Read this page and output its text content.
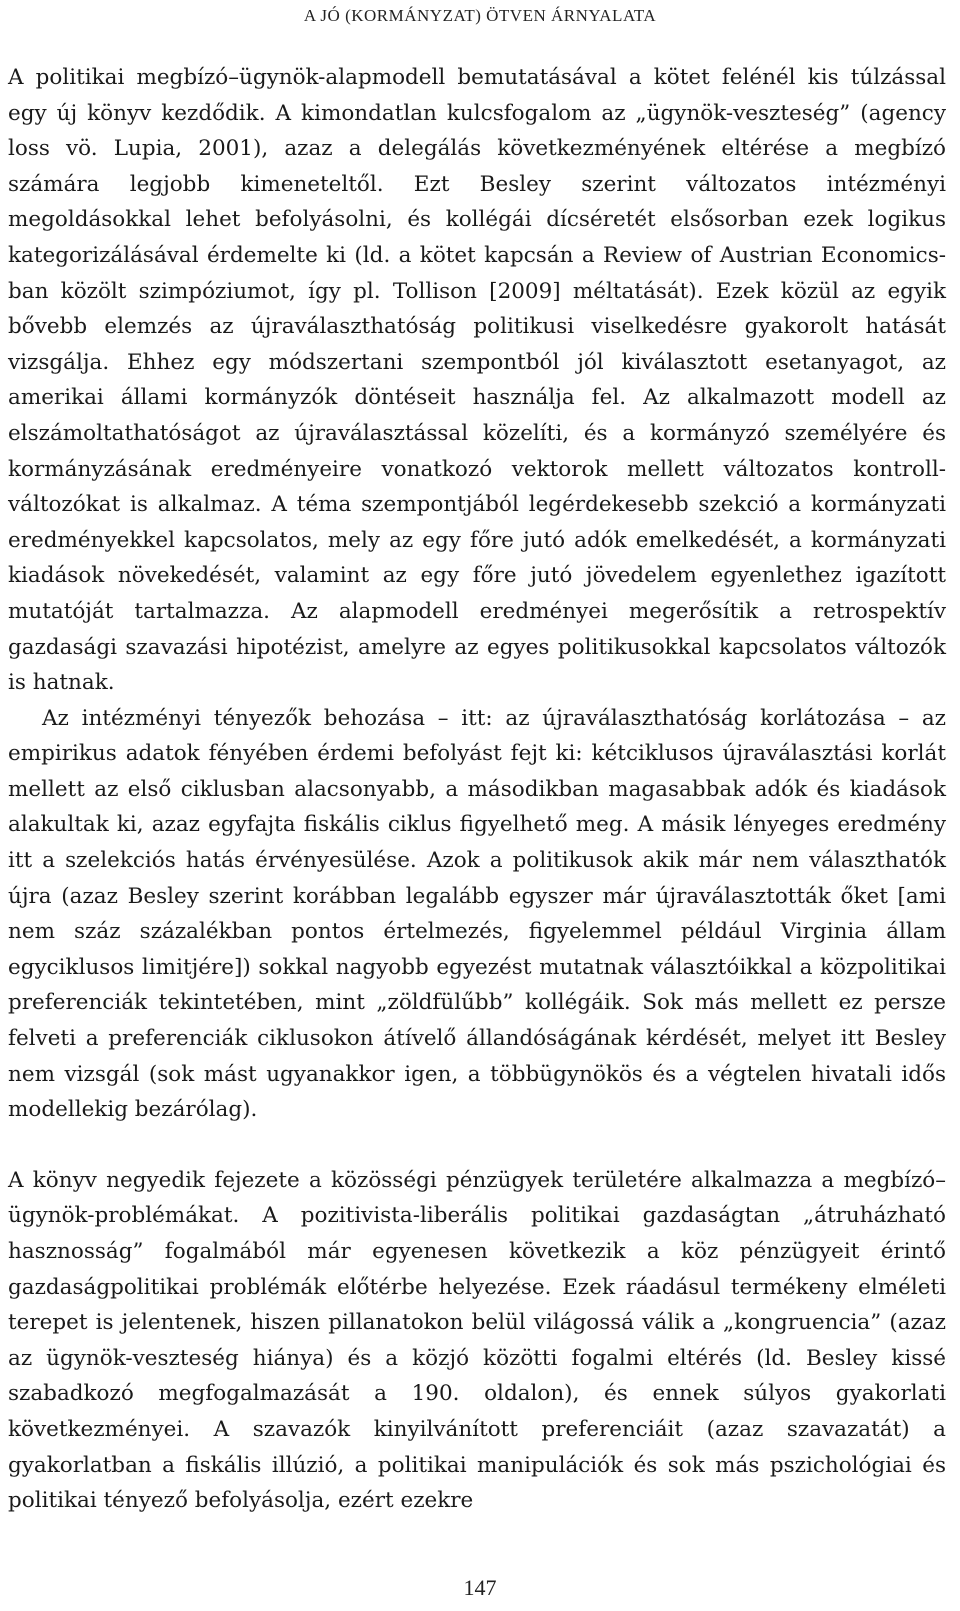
A JÓ (KORMÁNYZAT) ÖTVEN ÁRNYALATA

A politikai megbízó–ügynök-alapmodell bemutatásával a kötet felénél kis túlzással egy új könyv kezdődik. A kimondatlan kulcsfogalom az „ügynök-veszteség” (agency loss vö. Lupia, 2001), azaz a delegálás következményének eltérése a megbízó számára legjobb kimeneteltől. Ezt Besley szerint változatos intézményi megoldásokkal lehet befolyásolni, és kollégái dícséretét elsősorban ezek logikus kategorizálásával érdemelte ki (ld. a kötet kapcsán a Review of Austrian Economics-ban közölt szimpóziumot, így pl. Tollison [2009] méltatását). Ezek közül az egyik bővebb elemzés az újraválaszthatóság politikusi viselkedésre gyakorolt hatását vizsgálja. Ehhez egy módszertani szempontból jól kiválasztott esetanyagot, az amerikai állami kormányzók döntéseit használja fel. Az alkalmazott modell az elszámoltathatóságot az újraválasztással közelíti, és a kormányzó személyére és kormányzásának eredményeire vonatkozó vektorok mellett változatos kontroll-változókat is alkalmaz. A téma szempontjából legérdekesebb szekció a kormányzati eredményekkel kapcsolatos, mely az egy főre jutó adók emelkedését, a kormányzati kiadások növekedését, valamint az egy főre jutó jövedelem egyenlethez igazított mutatóját tartalmazza. Az alapmodell eredményei megerősítik a retrospektív gazdasági szavazási hipotézist, amelyre az egyes politikusokkal kapcsolatos változók is hatnak.

Az intézményi tényezők behozása – itt: az újraválaszthatóság korlátozása – az empirikus adatok fényében érdemi befolyást fejt ki: kétciklusos újraválasztási korlát mellett az első ciklusban alacsonyabb, a másodikban magasabbak adók és kiadások alakultak ki, azaz egyfajta fiskális ciklus figyelhető meg. A másik lényeges eredmény itt a szelekciós hatás érvényesülése. Azok a politikusok akik már nem választhatók újra (azaz Besley szerint korábban legalább egyszer már újraválasztották őket [ami nem száz százalékban pontos értelmezés, figyelemmel például Virginia állam egyciklusos limitjére]) sokkal nagyobb egyezést mutatnak választóikkal a közpolitikai preferenciák tekintetében, mint „zöldfülűbb” kollégáik. Sok más mellett ez persze felveti a preferenciák ciklusokon átívelő állandóságának kérdését, melyet itt Besley nem vizsgál (sok mást ugyanakkor igen, a többügynökös és a végtelen hivatali idős modellekig bezárólag).

A könyv negyedik fejezete a közösségi pénzügyek területére alkalmazza a megbízó–ügynök-problémákat. A pozitivista-liberális politikai gazdaságtan „átruházható hasznosság” fogalmából már egyenesen következik a köz pénzügyeit érintő gazdaságpolitikai problémák előtérbe helyezése. Ezek ráadásul termékeny elméleti terepet is jelentenek, hiszen pillanatokon belül világossá válik a „kongruencia” (azaz az ügynök-veszteség hiánya) és a közjó közötti fogalmi eltérés (ld. Besley kissé szabadkozó megfogalmazását a 190. oldalon), és ennek súlyos gyakorlati következményei. A szavazók kinyilvánított preferenciáit (azaz szavazatát) a gyakorlatban a fiskális illúzió, a politikai manipulációk és sok más pszichológiai és politikai tényező befolyásolja, ezért ezekre

147
